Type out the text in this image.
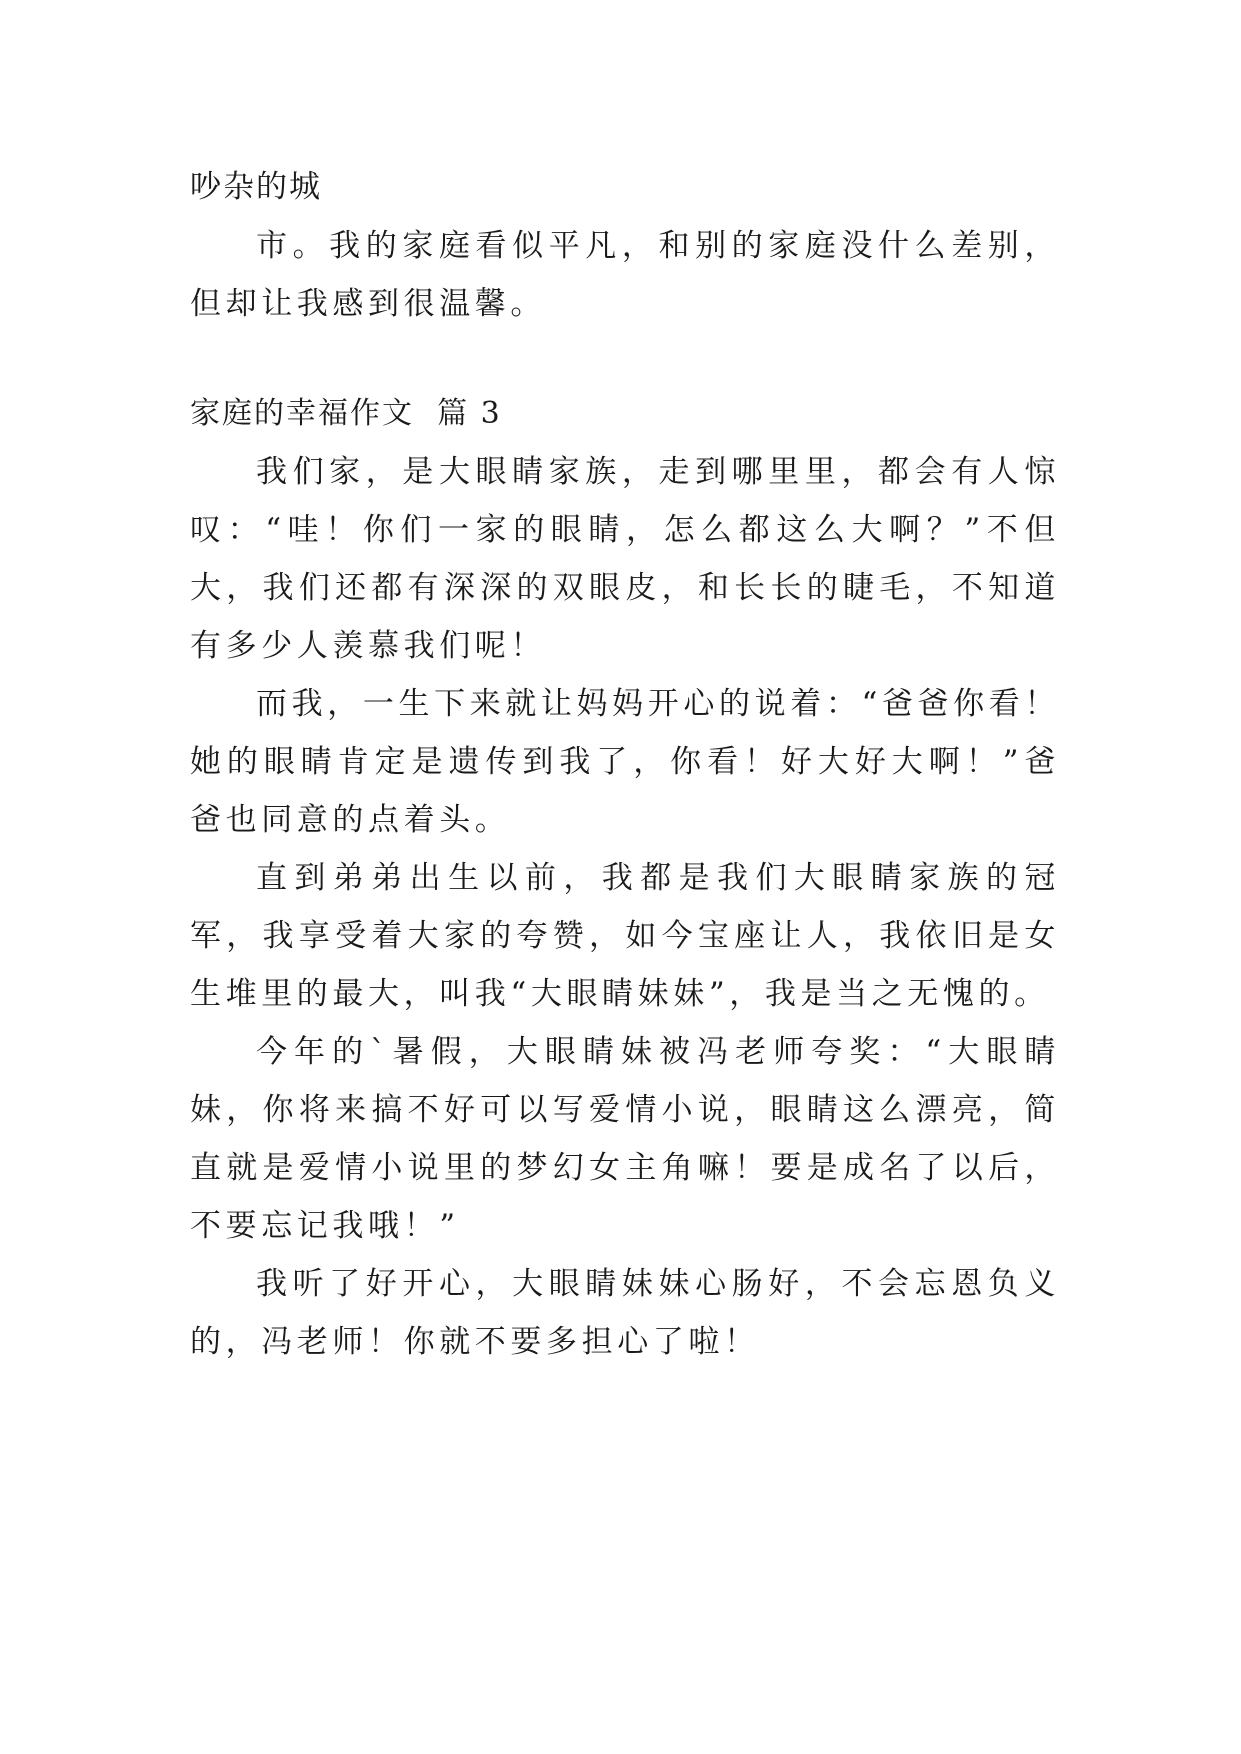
吵杂的城

市。我的家庭看似平凡，和别的家庭没什么差别，但却让我感到很温馨。

家庭的幸福作文  篇 3

我们家，是大眼睛家族，走到哪里里，都会有人惊叹：“哇！你们一家的眼睛，怎么都这么大啊？”不但大，我们还都有深深的双眼皮，和长长的睫毛，不知道有多少人羡慕我们呢！

而我，一生下来就让妈妈开心的说着：“爸爸你看！她的眼睛肯定是遗传到我了，你看！好大好大啊！”爸爸也同意的点着头。

直到弟弟出生以前，我都是我们大眼睛家族的冠军，我享受着大家的夸赞，如今宝座让人，我依旧是女生堆里的最大，叫我“大眼睛妹妹”，我是当之无愧的。

今年的`暑假，大眼睛妹被冯老师夸奖：“大眼睛妹，你将来搞不好可以写爱情小说，眼睛这么漂亮，简直就是爱情小说里的梦幻女主角嘛！要是成名了以后，不要忘记我哦！”

我听了好开心，大眼睛妹妹心肠好，不会忘恩负义的，冯老师！你就不要多担心了啦！
